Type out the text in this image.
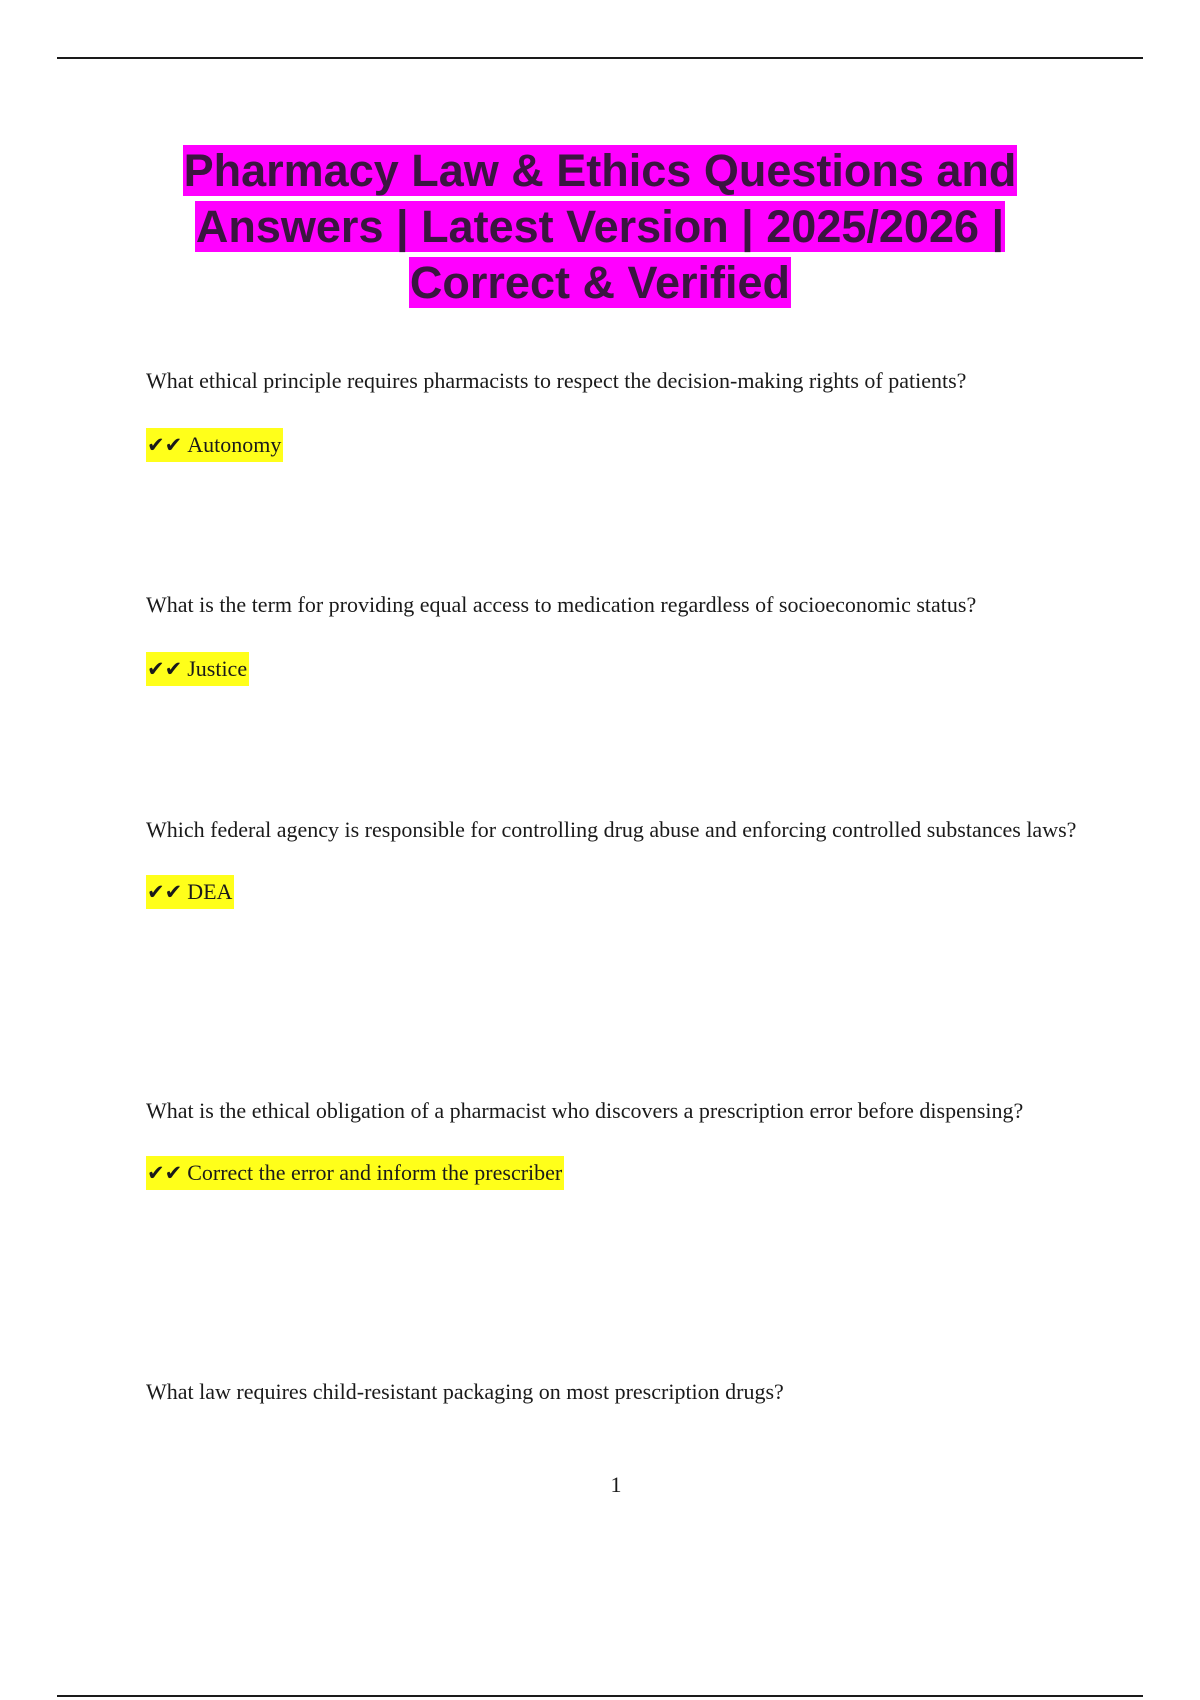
Pharmacy Law & Ethics Questions and Answers | Latest Version | 2025/2026 | Correct & Verified

What ethical principle requires pharmacists to respect the decision-making rights of patients?

✔✔ Autonomy

What is the term for providing equal access to medication regardless of socioeconomic status?

✔✔ Justice

Which federal agency is responsible for controlling drug abuse and enforcing controlled substances laws?

✔✔ DEA

What is the ethical obligation of a pharmacist who discovers a prescription error before dispensing?

✔✔ Correct the error and inform the prescriber

What law requires child-resistant packaging on most prescription drugs?

1
